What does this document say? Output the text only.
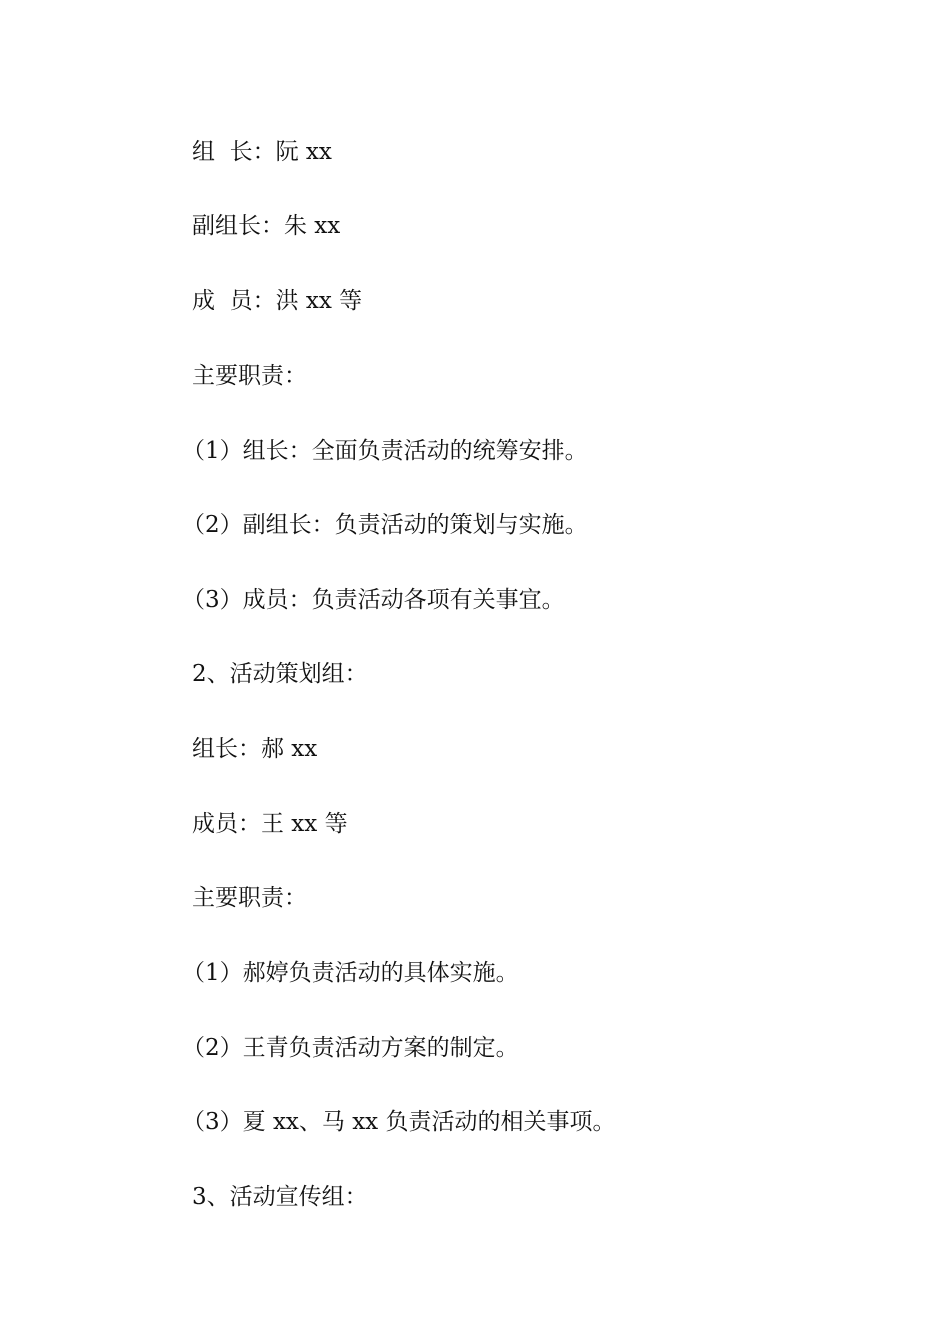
组  长：阮 xx
副组长：朱 xx
成  员：洪 xx 等
主要职责：
（1）组长：全面负责活动的统筹安排。
（2）副组长：负责活动的策划与实施。
（3）成员：负责活动各项有关事宜。
2、活动策划组：
组长：郝 xx
成员：王 xx 等
主要职责：
（1）郝婷负责活动的具体实施。
（2）王青负责活动方案的制定。
（3）夏 xx、马 xx 负责活动的相关事项。
3、活动宣传组：
